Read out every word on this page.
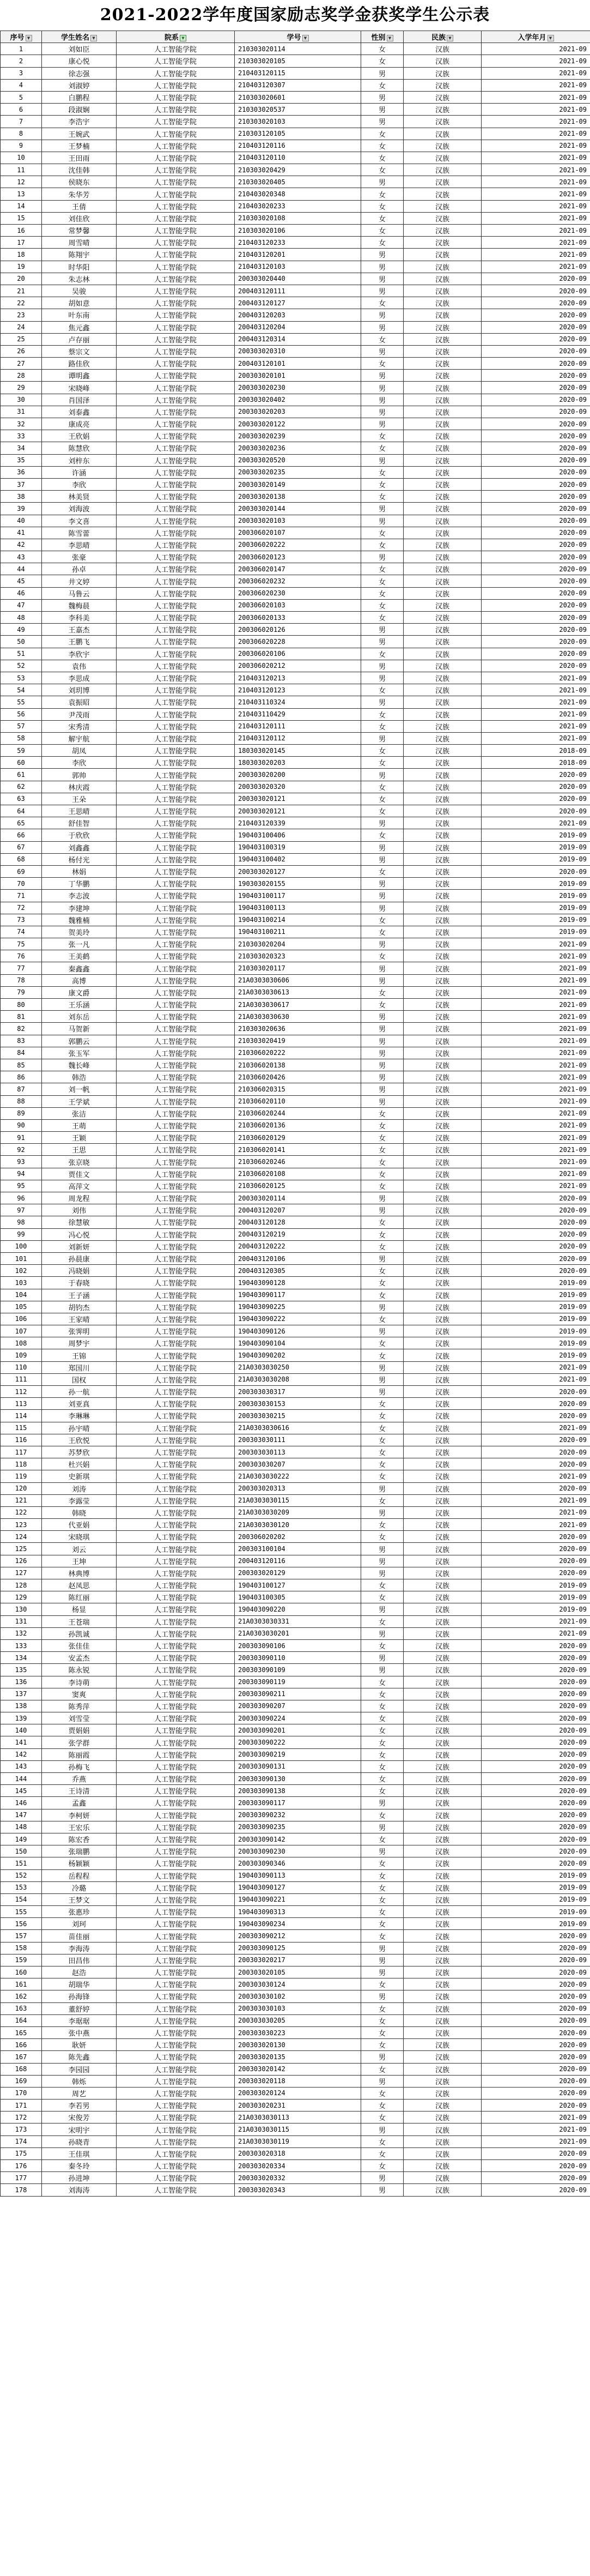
2021-2022学年度国家励志奖学金获奖学生公示表
序号 ▼	学生姓名 ▼	院系 ▼	学号 ▼	性别 ▼	民族 ▼	入学年月 ▼
1	刘如臣	人工智能学院	210303020114	女	汉族	2021-09
2	康心悦	人工智能学院	210303020105	女	汉族	2021-09
3	徐志强	人工智能学院	210403120115	男	汉族	2021-09
4	刘淑婷	人工智能学院	210403120307	女	汉族	2021-09
5	白鹏程	人工智能学院	210303020601	男	汉族	2021-09
6	段淑娴	人工智能学院	210303020537	男	汉族	2021-09
7	李浩宇	人工智能学院	210303020103	男	汉族	2021-09
8	王婉武	人工智能学院	210303120105	女	汉族	2021-09
9	王梦楠	人工智能学院	210403120116	女	汉族	2021-09
10	王田雨	人工智能学院	210403120110	女	汉族	2021-09
11	沈佳韩	人工智能学院	210303020429	女	汉族	2021-09
12	侯晓东	人工智能学院	210303020405	男	汉族	2021-09
13	朱华芳	人工智能学院	210403020348	女	汉族	2021-09
14	王倩	人工智能学院	210403020233	女	汉族	2021-09
15	刘佳欣	人工智能学院	210303020108	女	汉族	2021-09
16	常梦馨	人工智能学院	210303020106	女	汉族	2021-09
17	周雪晴	人工智能学院	210403120233	女	汉族	2021-09
18	陈翔宇	人工智能学院	210403120201	男	汉族	2021-09
19	时华阳	人工智能学院	210403120103	男	汉族	2021-09
20	朱志林	人工智能学院	200303020440	男	汉族	2020-09
21	吴骏	人工智能学院	200403120111	男	汉族	2020-09
22	胡如意	人工智能学院	200403120127	女	汉族	2020-09
23	叶东南	人工智能学院	200403120203	男	汉族	2020-09
24	焦元鑫	人工智能学院	200403120204	男	汉族	2020-09
25	卢存丽	人工智能学院	200403120314	女	汉族	2020-09
26	蔡宗文	人工智能学院	200303020310	男	汉族	2020-09
27	路佳欣	人工智能学院	200403120101	女	汉族	2020-09
28	谭明鑫	人工智能学院	200303020101	男	汉族	2020-09
29	宋晓峰	人工智能学院	200303020230	男	汉族	2020-09
30	肖国泽	人工智能学院	200303020402	男	汉族	2020-09
31	刘泰鑫	人工智能学院	200303020203	男	汉族	2020-09
32	康成亮	人工智能学院	200303020122	男	汉族	2020-09
33	王欣娟	人工智能学院	200303020239	女	汉族	2020-09
34	陈慧欣	人工智能学院	200303020236	女	汉族	2020-09
35	刘梓东	人工智能学院	200303020520	男	汉族	2020-09
36	许涵	人工智能学院	200303020235	女	汉族	2020-09
37	李欣	人工智能学院	200303020149	女	汉族	2020-09
38	林美贤	人工智能学院	200303020138	女	汉族	2020-09
39	刘海波	人工智能学院	200303020144	男	汉族	2020-09
40	李文喜	人工智能学院	200303020103	男	汉族	2020-09
41	陈雪蕾	人工智能学院	200306020107	女	汉族	2020-09
42	李思晴	人工智能学院	200306020222	女	汉族	2020-09
43	张豪	人工智能学院	200306020123	男	汉族	2020-09
44	孙卓	人工智能学院	200306020147	女	汉族	2020-09
45	井文婷	人工智能学院	200306020232	女	汉族	2020-09
46	马鲁云	人工智能学院	200306020230	女	汉族	2020-09
47	魏梅晨	人工智能学院	200306020103	女	汉族	2020-09
48	李科美	人工智能学院	200306020133	女	汉族	2020-09
49	王嘉杰	人工智能学院	200306020126	男	汉族	2020-09
50	王鹏飞	人工智能学院	200306020228	男	汉族	2020-09
51	李欣宇	人工智能学院	200306020106	女	汉族	2020-09
52	袁伟	人工智能学院	200306020212	男	汉族	2020-09
53	李思成	人工智能学院	210403120213	男	汉族	2021-09
54	刘玥博	人工智能学院	210403120123	女	汉族	2021-09
55	袁振昭	人工智能学院	210403110324	男	汉族	2021-09
56	尹茂雨	人工智能学院	210403110429	女	汉族	2021-09
57	宋秀清	人工智能学院	210403120111	女	汉族	2021-09
58	解宇航	人工智能学院	210403120112	男	汉族	2021-09
59	胡凤	人工智能学院	180303020145	女	汉族	2018-09
60	李欣	人工智能学院	180303020203	女	汉族	2018-09
61	郭帅	人工智能学院	200303020200	男	汉族	2020-09
62	林庆霞	人工智能学院	200303020320	女	汉族	2020-09
63	王朵	人工智能学院	200303020121	女	汉族	2020-09
64	王思晴	人工智能学院	200303020121	女	汉族	2020-09
65	舒佳智	人工智能学院	210403120339	男	汉族	2021-09
66	于欣欣	人工智能学院	190403100406	女	汉族	2019-09
67	刘鑫鑫	人工智能学院	190403100319	男	汉族	2019-09
68	杨付光	人工智能学院	190403100402	男	汉族	2019-09
69	林娟	人工智能学院	200303020127	女	汉族	2020-09
70	丁华鹏	人工智能学院	190303020155	男	汉族	2019-09
71	李志波	人工智能学院	190403100117	男	汉族	2019-09
72	李建坤	人工智能学院	190403100113	男	汉族	2019-09
73	魏雅楠	人工智能学院	190403100214	女	汉族	2019-09
74	贺美玲	人工智能学院	190403100211	女	汉族	2019-09
75	张一凡	人工智能学院	210303020204	男	汉族	2021-09
76	王美鹤	人工智能学院	210303020323	女	汉族	2021-09
77	秦鑫鑫	人工智能学院	210303020117	男	汉族	2021-09
78	高博	人工智能学院	21A0303030606	男	汉族	2021-09
79	康文爵	人工智能学院	21A0303030613	女	汉族	2021-09
80	王乐涵	人工智能学院	21A0303030617	女	汉族	2021-09
81	刘东岳	人工智能学院	21A0303030630	男	汉族	2021-09
82	马贺新	人工智能学院	210303020636	男	汉族	2021-09
83	郭鹏云	人工智能学院	210303020419	男	汉族	2021-09
84	张玉军	人工智能学院	210306020222	男	汉族	2021-09
85	魏长峰	人工智能学院	210306020138	男	汉族	2021-09
86	韩浩	人工智能学院	210306020426	男	汉族	2021-09
87	刘一帆	人工智能学院	210306020315	男	汉族	2021-09
88	王学斌	人工智能学院	210306020110	男	汉族	2021-09
89	张洁	人工智能学院	210306020244	女	汉族	2021-09
90	王萌	人工智能学院	210306020136	女	汉族	2021-09
91	王颖	人工智能学院	210306020129	女	汉族	2021-09
92	王思	人工智能学院	210306020141	女	汉族	2021-09
93	张京晓	人工智能学院	210306020246	女	汉族	2021-09
94	贾佳文	人工智能学院	210306020108	女	汉族	2021-09
95	高萍文	人工智能学院	210306020125	女	汉族	2021-09
96	周龙程	人工智能学院	200303020114	男	汉族	2020-09
97	刘伟	人工智能学院	200403120207	男	汉族	2020-09
98	徐慧敏	人工智能学院	200403120128	女	汉族	2020-09
99	冯心悦	人工智能学院	200403120219	女	汉族	2020-09
100	刘新妍	人工智能学院	200403120222	女	汉族	2020-09
101	孙晨康	人工智能学院	200403120106	男	汉族	2020-09
102	冯晓娟	人工智能学院	200403120305	女	汉族	2020-09
103	于春晓	人工智能学院	190403090128	女	汉族	2019-09
104	王子涵	人工智能学院	190403090117	女	汉族	2019-09
105	胡钧杰	人工智能学院	190403090225	男	汉族	2019-09
106	王家晴	人工智能学院	190403090222	女	汉族	2019-09
107	张霁明	人工智能学院	190403090126	男	汉族	2019-09
108	周梦宇	人工智能学院	190403090104	女	汉族	2019-09
109	王锦	人工智能学院	190403090202	女	汉族	2019-09
110	郑国川	人工智能学院	21A0303030250	男	汉族	2021-09
111	国权	人工智能学院	21A0303030208	男	汉族	2021-09
112	孙一航	人工智能学院	200303030317	男	汉族	2020-09
113	刘亚真	人工智能学院	200303030153	女	汉族	2020-09
114	李琳琳	人工智能学院	200303030215	女	汉族	2020-09
115	孙宇晴	人工智能学院	21A0303030616	女	汉族	2021-09
116	王欣悦	人工智能学院	200303030111	女	汉族	2020-09
117	苏梦欣	人工智能学院	200303030113	女	汉族	2020-09
118	杜兴娟	人工智能学院	200303030207	女	汉族	2020-09
119	史新琪	人工智能学院	21A0303030222	女	汉族	2021-09
120	刘涛	人工智能学院	200303020313	男	汉族	2020-09
121	李露莹	人工智能学院	21A0303030115	女	汉族	2021-09
122	韩晓	人工智能学院	21A0303030209	男	汉族	2021-09
123	代亚娟	人工智能学院	21A0303030120	女	汉族	2021-09
124	宋晓琪	人工智能学院	200306020202	女	汉族	2020-09
125	刘云	人工智能学院	200303100104	男	汉族	2020-09
126	王坤	人工智能学院	200403120116	男	汉族	2020-09
127	林典博	人工智能学院	200303020129	男	汉族	2020-09
128	赵凤思	人工智能学院	190403100127	女	汉族	2019-09
129	陈红丽	人工智能学院	190403100305	女	汉族	2019-09
130	杨显	人工智能学院	190403090220	男	汉族	2019-09
131	王苍瑞	人工智能学院	21A0303030331	女	汉族	2021-09
132	孙凯诚	人工智能学院	21A0303030201	男	汉族	2021-09
133	张佳佳	人工智能学院	200303090106	女	汉族	2020-09
134	安孟杰	人工智能学院	200303090110	男	汉族	2020-09
135	陈永锐	人工智能学院	200303090109	男	汉族	2020-09
136	李诗萌	人工智能学院	200303090119	女	汉族	2020-09
137	窦爽	人工智能学院	200303090211	女	汉族	2020-09
138	陈秀萍	人工智能学院	200303090207	女	汉族	2020-09
139	刘雪莹	人工智能学院	200303090224	女	汉族	2020-09
140	贾娟娟	人工智能学院	200303090201	女	汉族	2020-09
141	张学群	人工智能学院	200303090222	女	汉族	2020-09
142	陈丽霞	人工智能学院	200303090219	女	汉族	2020-09
143	孙梅飞	人工智能学院	200303090131	女	汉族	2020-09
144	乔燕	人工智能学院	200303090130	女	汉族	2020-09
145	王诗清	人工智能学院	200303090138	女	汉族	2020-09
146	孟鑫	人工智能学院	200303090117	男	汉族	2020-09
147	李柯妍	人工智能学院	200303090232	女	汉族	2020-09
148	王宏乐	人工智能学院	200303090235	男	汉族	2020-09
149	陈宏香	人工智能学院	200303090142	女	汉族	2020-09
150	张瑞鹏	人工智能学院	200303090230	男	汉族	2020-09
151	杨颖颖	人工智能学院	200303090346	女	汉族	2020-09
152	岳程程	人工智能学院	190403090113	女	汉族	2019-09
153	冷璐	人工智能学院	190403090127	女	汉族	2019-09
154	王梦文	人工智能学院	190403090221	女	汉族	2019-09
155	张惠珍	人工智能学院	190403090313	女	汉族	2019-09
156	刘珂	人工智能学院	190403090234	女	汉族	2019-09
157	苗佳丽	人工智能学院	200303090212	女	汉族	2020-09
158	李海涛	人工智能学院	200303090125	男	汉族	2020-09
159	田昌伟	人工智能学院	200303020217	男	汉族	2020-09
160	赵浩	人工智能学院	200303020105	男	汉族	2020-09
161	胡瑞华	人工智能学院	200303030124	女	汉族	2020-09
162	孙海锋	人工智能学院	200303030102	男	汉族	2020-09
163	董舒婷	人工智能学院	200303030103	女	汉族	2020-09
164	李琚琚	人工智能学院	200303030205	女	汉族	2020-09
165	张中燕	人工智能学院	200303030223	女	汉族	2020-09
166	耿妍	人工智能学院	200303020130	女	汉族	2020-09
167	陈先鑫	人工智能学院	200303020135	男	汉族	2020-09
168	李园园	人工智能学院	200303020142	女	汉族	2020-09
169	韩烁	人工智能学院	200303020118	男	汉族	2020-09
170	周艺	人工智能学院	200303020124	女	汉族	2020-09
171	李若男	人工智能学院	200303020231	女	汉族	2020-09
172	宋俊芳	人工智能学院	21A0303030113	女	汉族	2021-09
173	宋明宇	人工智能学院	21A0303030115	男	汉族	2021-09
174	孙晓青	人工智能学院	21A0303030119	女	汉族	2021-09
175	王佳琪	人工智能学院	200303020318	女	汉族	2020-09
176	秦冬玲	人工智能学院	200303020334	女	汉族	2020-09
177	孙进坤	人工智能学院	200303020332	男	汉族	2020-09
178	刘海涛	人工智能学院	200303020343	男	汉族	2020-09
